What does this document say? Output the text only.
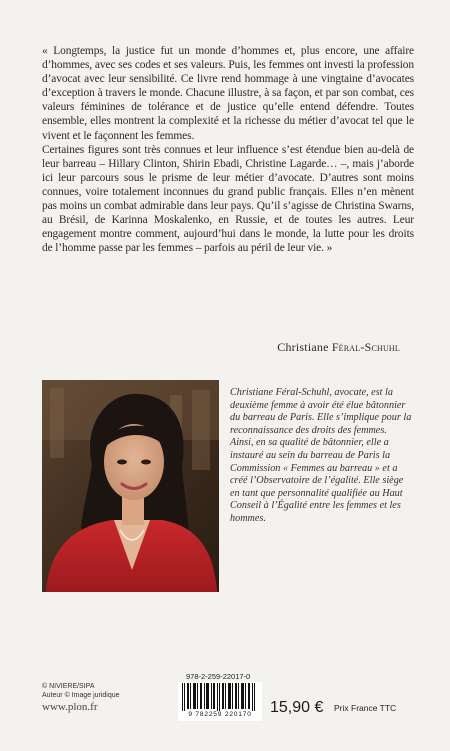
« Longtemps, la justice fut un monde d’hommes et, plus encore, une affaire d’hommes, avec ses codes et ses valeurs. Puis, les femmes ont investi la profession d’avocat avec leur sensibilité. Ce livre rend hommage à une vingtaine d’avocates d’exception à travers le monde. Chacune illustre, à sa façon, et par son combat, ces valeurs féminines de tolérance et de justice qu’elle entend défendre. Toutes ensemble, elles montrent la complexité et la richesse du métier d’avocat tel que le vivent et le façonnent les femmes.

Certaines figures sont très connues et leur influence s’est étendue bien au-delà de leur barreau – Hillary Clinton, Shirin Ebadi, Christine Lagarde… –, mais j’aborde ici leur parcours sous le prisme de leur métier d’avocate. D’autres sont moins connues, voire totalement inconnues du grand public français. Elles n’en mènent pas moins un combat admirable dans leur pays. Qu’il s’agisse de Christina Swarns, au Brésil, de Karinna Moskalenko, en Russie, et de toutes les autres. Leur engagement montre comment, aujourd’hui dans le monde, la lutte pour les droits de l’homme passe par les femmes – parfois au péril de leur vie. »

Christiane Féral-Schuhl
Christiane Féral-Schuhl, avocate, est la deuxième femme à avoir été élue bâtonnier du barreau de Paris. Elle s’implique pour la reconnaissance des droits des femmes. Ainsi, en sa qualité de bâtonnier, elle a instauré au sein du barreau de Paris la Commission « Femmes au barreau » et a créé l’Observatoire de l’égalité. Elle siège en tant que personnalité qualifiée au Haut Conseil à l’Égalité entre les femmes et les hommes.
© NIVIERE/SIPA
Auteur © Image juridique
www.plon.fr
978-2-259-22017-0
9 782259 220170	15,90 € Prix France TTC
